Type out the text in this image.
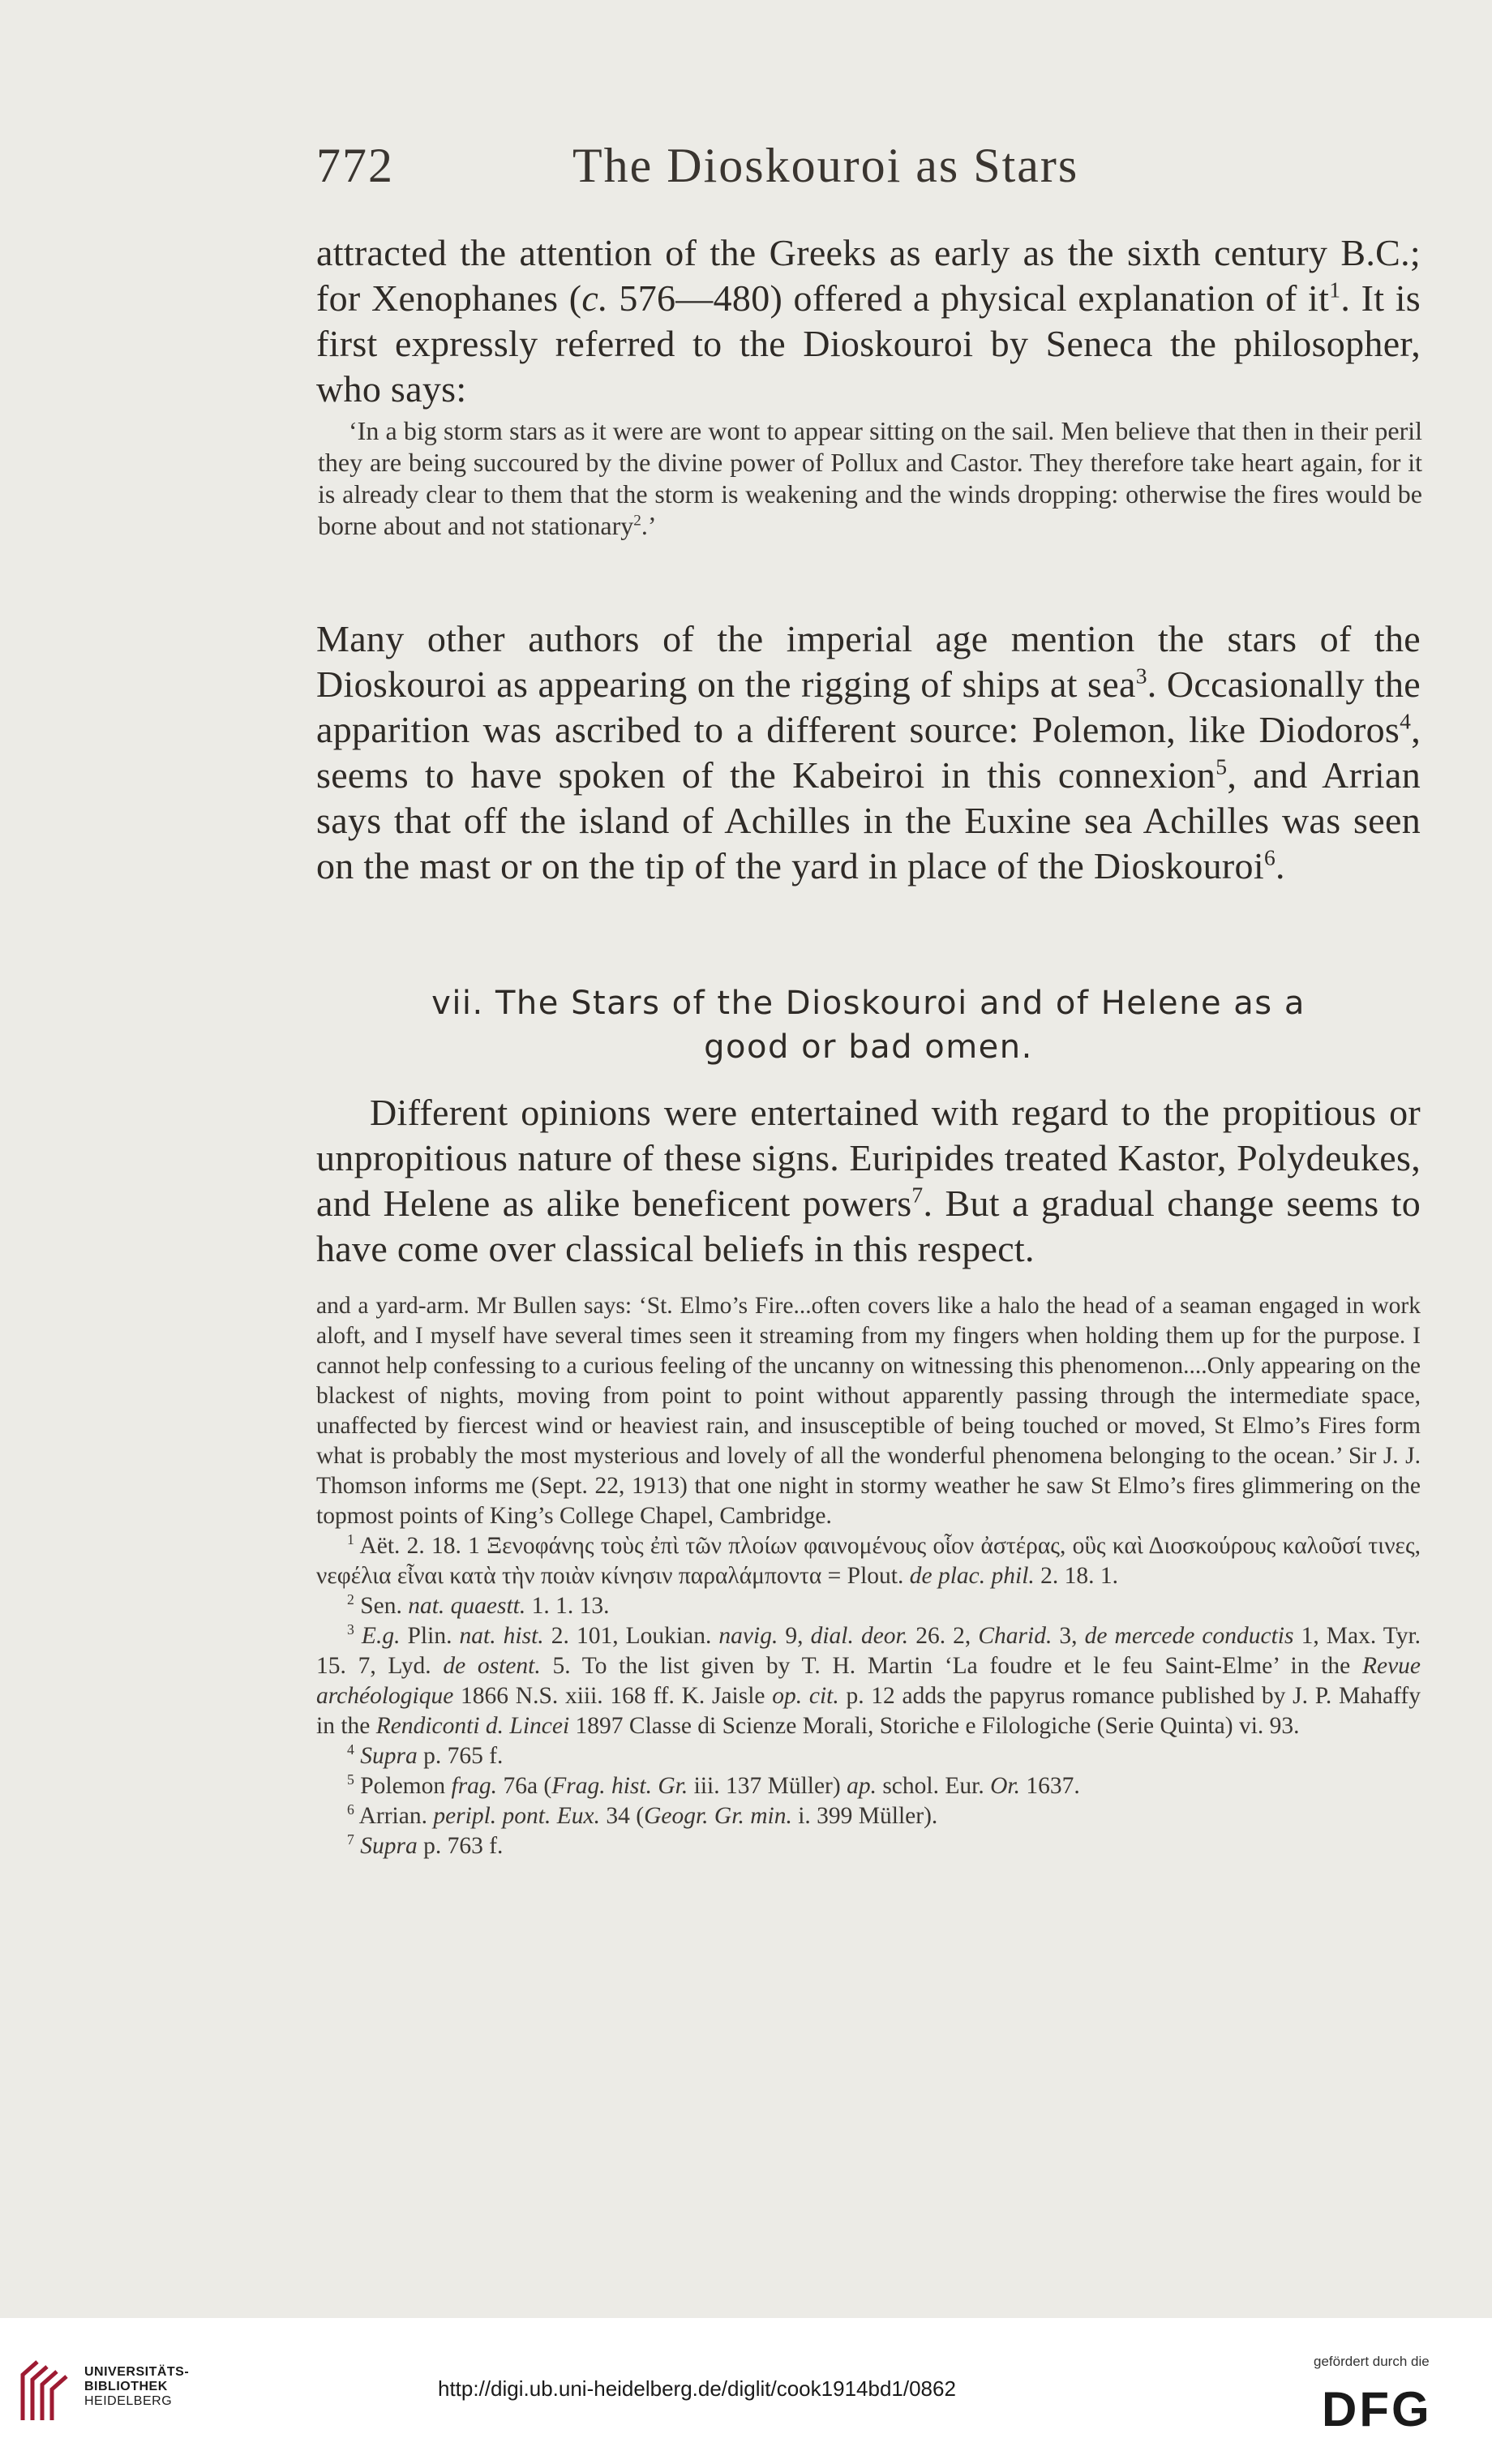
772	The Dioskouroi as Stars

attracted the attention of the Greeks as early as the sixth century B.C.; for Xenophanes (c. 576—480) offered a physical explanation of $it^1$. It is first expressly referred to the Dioskouroi by Seneca the philosopher, who says:

‘In a big storm stars as it were are wont to appear sitting on the sail. Men believe that then in their peril they are being succoured by the divine power of Pollux and Castor. They therefore take heart again, for it is already clear to them that the storm is weakening and the winds dropping: otherwise the fires would be borne about and not stationary$^2$.’

Many other authors of the imperial age mention the stars of the Dioskouroi as appearing on the rigging of ships at sea$^3$. Occasionally the apparition was ascribed to a different source: Polemon, like Diodoros$^4$, seems to have spoken of the Kabeiroi in this connexion$^5$, and Arrian says that off the island of Achilles in the Euxine sea Achilles was seen on the mast or on the tip of the yard in place of the Dioskouroi$^6$.

vii. The Stars of the Dioskouroi and of Helene as a
good or bad omen.

Different opinions were entertained with regard to the propitious or unpropitious nature of these signs. Euripides treated Kastor, Polydeukes, and Helene as alike beneficent powers$^7$. But a gradual change seems to have come over classical beliefs in this respect.

and a yard-arm. Mr Bullen says: ‘St. Elmo’s Fire...often covers like a halo the head of a seaman engaged in work aloft, and I myself have several times seen it streaming from my fingers when holding them up for the purpose. I cannot help confessing to a curious feeling of the uncanny on witnessing this phenomenon....Only appearing on the blackest of nights, moving from point to point without apparently passing through the intermediate space, unaffected by fiercest wind or heaviest rain, and insusceptible of being touched or moved, St Elmo’s Fires form what is probably the most mysterious and lovely of all the wonderful phenomena belonging to the ocean.’ Sir J. J. Thomson informs me (Sept. 22, 1913) that one night in stormy weather he saw St Elmo’s fires glimmering on the topmost points of King’s College Chapel, Cambridge.

$^1$ Aët. 2. 18. 1 Ξενοφάνης τοὺς ἐπὶ τῶν πλοίων φαινομένους οἷον ἀστέρας, οὓς καὶ Διοσκούρους καλοῦσί τινες, νεφέλια εἶναι κατὰ τὴν ποιὰν κίνησιν παραλάμποντα = Plout. de plac. phil. 2. 18. 1.

$^2$ Sen. nat. quaestt. 1. 1. 13.

$^3$ E.g. Plin. nat. hist. 2. 101, Loukian. navig. 9, dial. deor. 26. 2, Charid. 3, de mercede conductis 1, Max. Tyr. 15. 7, Lyd. de ostent. 5. To the list given by T. H. Martin ‘La foudre et le feu Saint-Elme’ in the Revue archéologique 1866 N.S. xiii. 168 ff. K. Jaisle op. cit. p. 12 adds the papyrus romance published by J. P. Mahaffy in the Rendiconti d. Lincei 1897 Classe di Scienze Morali, Storiche e Filologiche (Serie Quinta) vi. 93.

$^4$ Supra p. 765 f.

$^5$ Polemon frag. 76a (Frag. hist. Gr. iii. 137 Müller) ap. schol. Eur. Or. 1637.

$^6$ Arrian. peripl. pont. Eux. 34 (Geogr. Gr. min. i. 399 Müller).

$^7$ Supra p. 763 f.

UNIVERSITÄTS-
BIBLIOTHEK
HEIDELBERG
http://digi.ub.uni-heidelberg.de/diglit/cook1914bd1/0862
gefördert durch die
DFG
